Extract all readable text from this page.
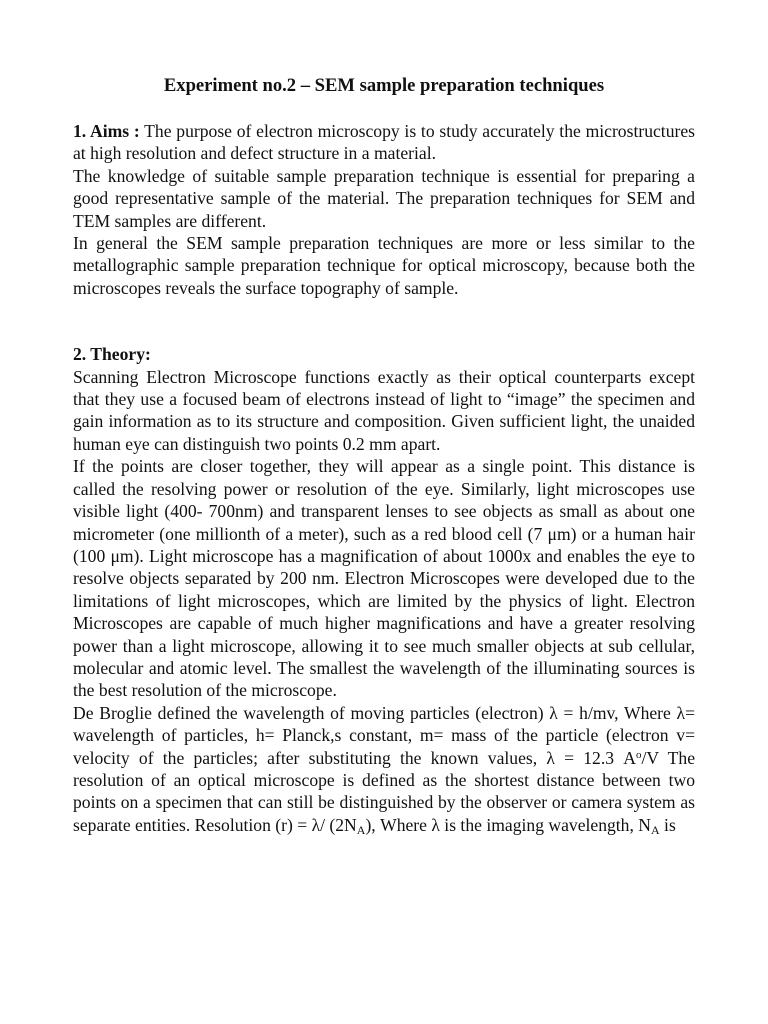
Experiment no.2 – SEM sample preparation techniques

1. Aims : The purpose of electron microscopy is to study accurately the microstructures at high resolution and defect structure in a material.

The knowledge of suitable sample preparation technique is essential for preparing a good representative sample of the material. The preparation techniques for SEM and TEM samples are different.

In general the SEM sample preparation techniques are more or less similar to the metallographic sample preparation technique for optical microscopy, because both the microscopes reveals the surface topography of sample.

2. Theory:

Scanning Electron Microscope functions exactly as their optical counterparts except that they use a focused beam of electrons instead of light to “image” the specimen and gain information as to its structure and composition. Given sufficient light, the unaided human eye can distinguish two points 0.2 mm apart.

If the points are closer together, they will appear as a single point. This distance is called the resolving power or resolution of the eye. Similarly, light microscopes use visible light (400- 700nm) and transparent lenses to see objects as small as about one micrometer (one millionth of a meter), such as a red blood cell (7 μm) or a human hair (100 μm). Light microscope has a magnification of about 1000x and enables the eye to resolve objects separated by 200 nm. Electron Microscopes were developed due to the limitations of light microscopes, which are limited by the physics of light. Electron Microscopes are capable of much higher magnifications and have a greater resolving power than a light microscope, allowing it to see much smaller objects at sub cellular, molecular and atomic level. The smallest the wavelength of the illuminating sources is the best resolution of the microscope.

De Broglie defined the wavelength of moving particles (electron) λ = h/mv, Where λ= wavelength of particles, h= Planck,s constant, m= mass of the particle (electron v= velocity of the particles; after substituting the known values, λ = 12.3 $A^o/V$ The resolution of an optical microscope is defined as the shortest distance between two points on a specimen that can still be distinguished by the observer or camera system as separate entities. Resolution (r) = λ/ $(2N_A)$, Where λ is the imaging wavelength, $N_A$ is
